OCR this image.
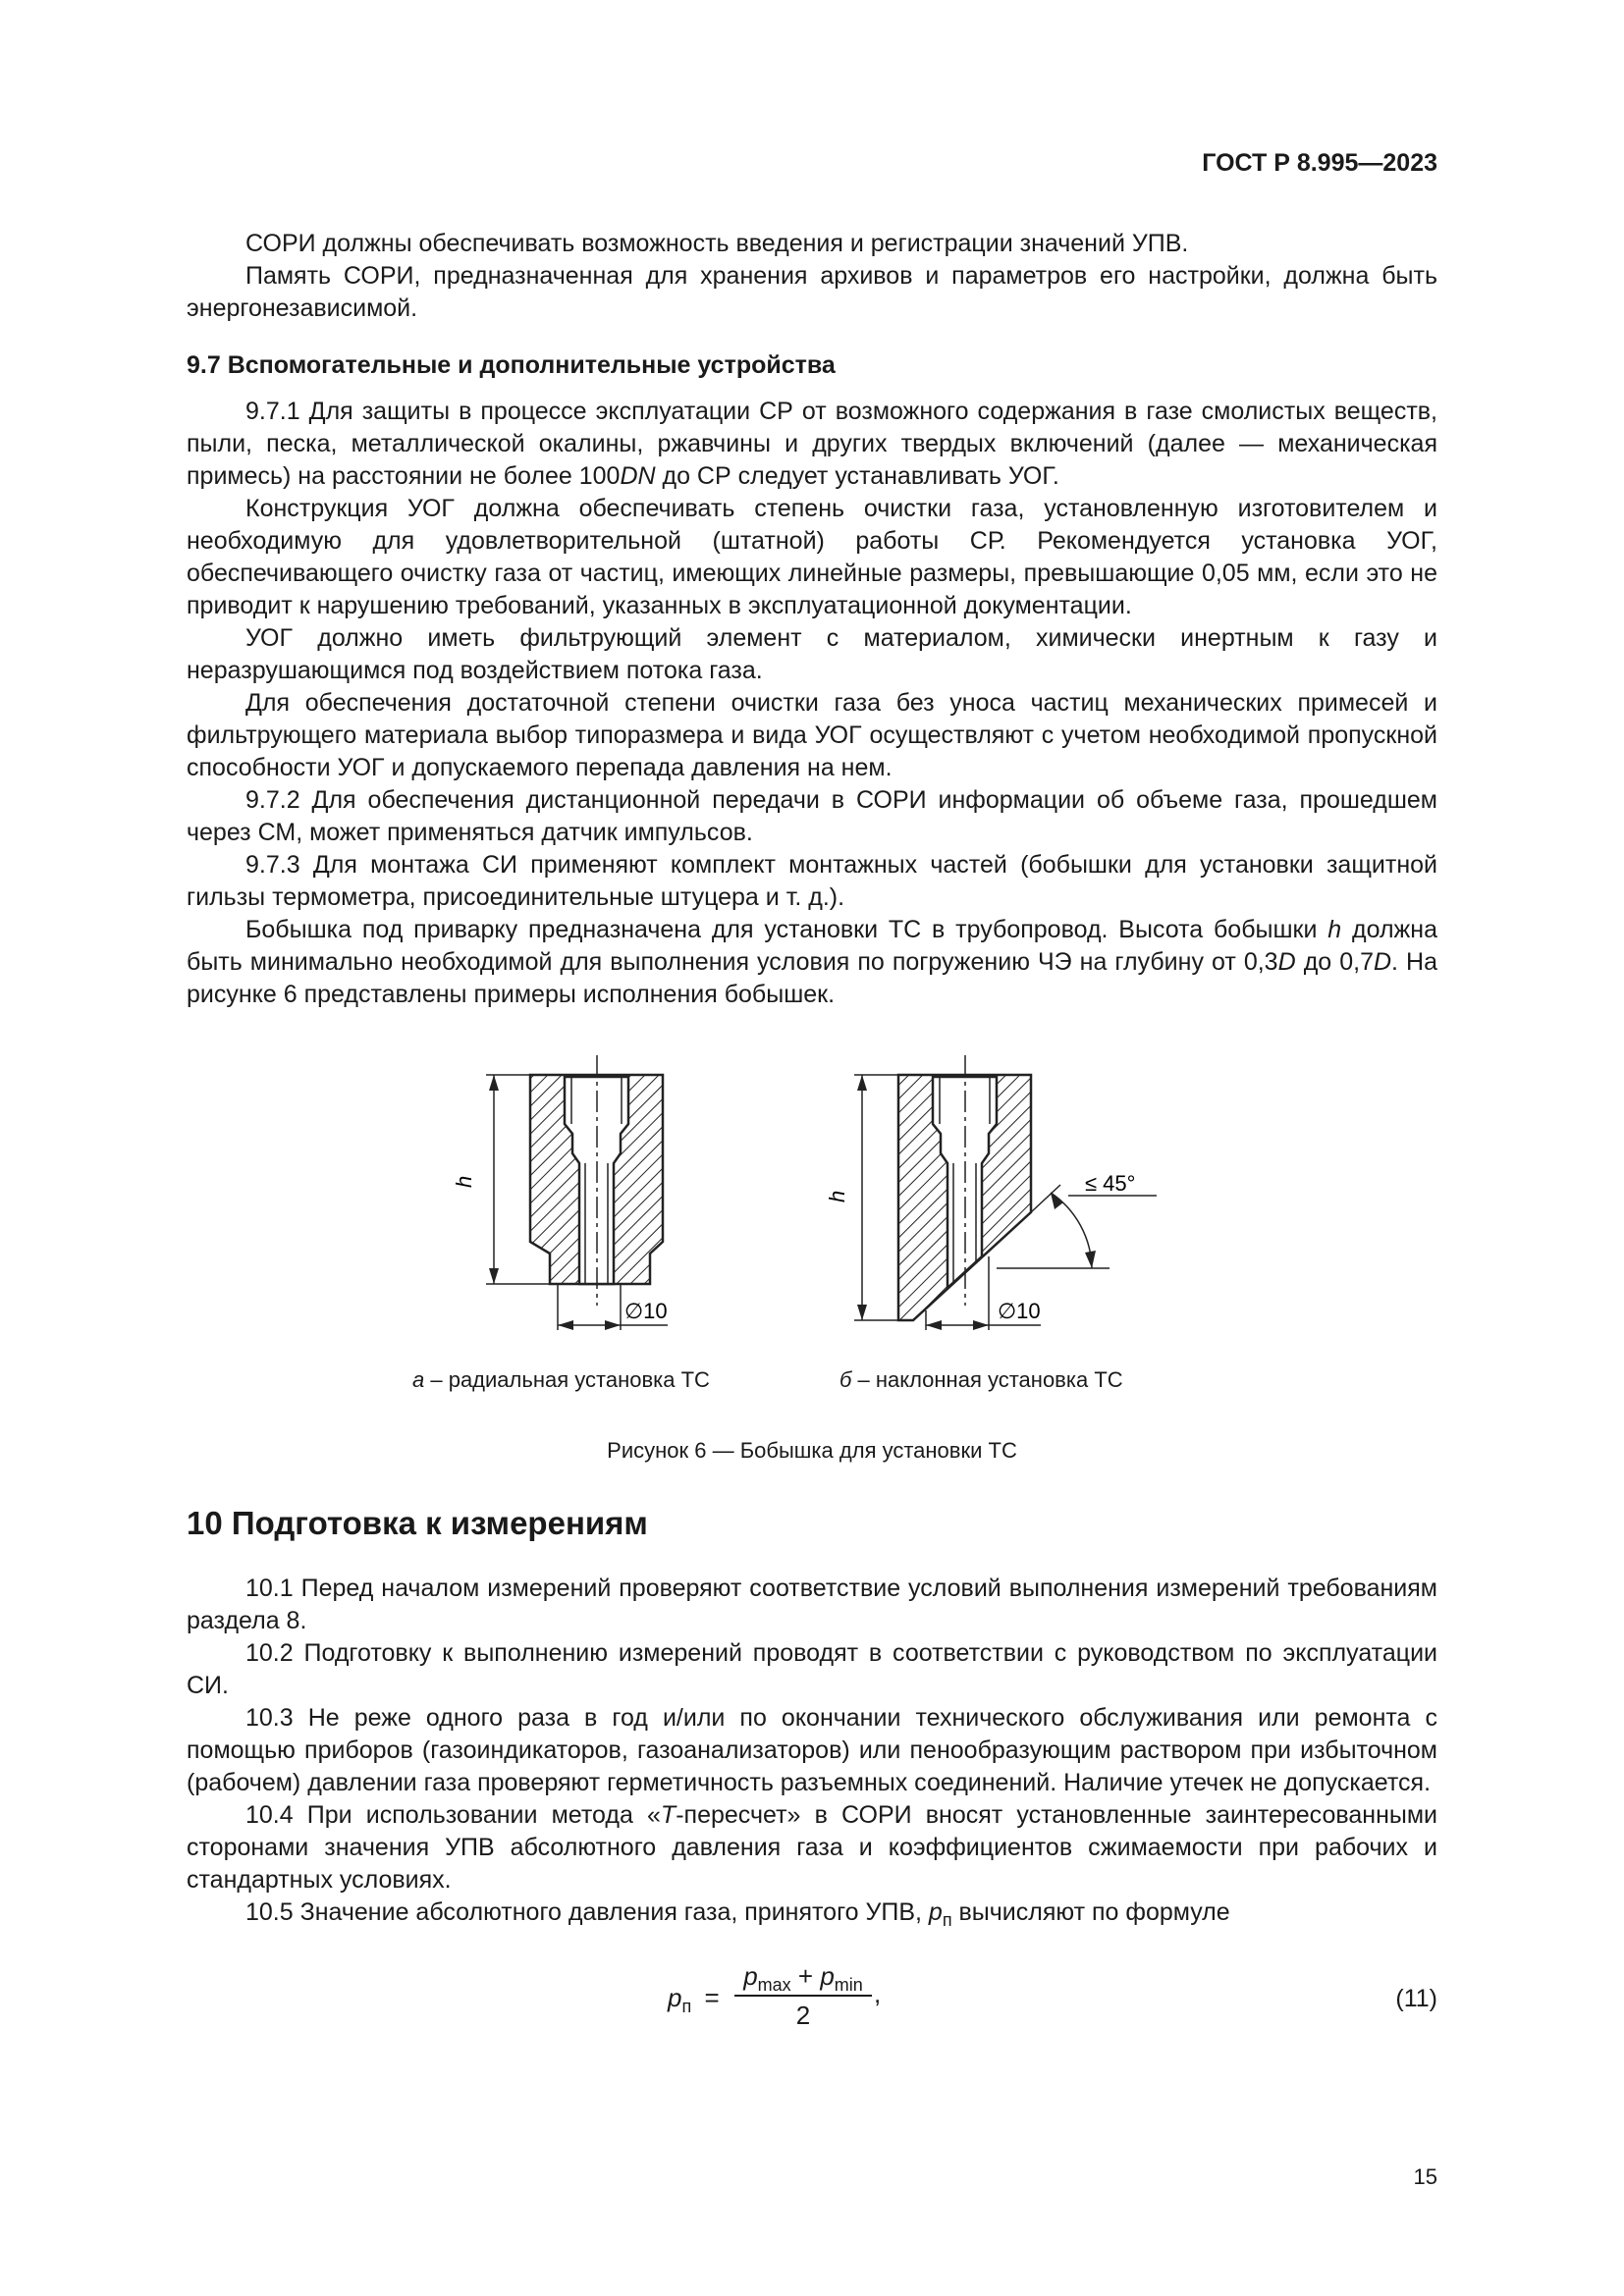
ГОСТ Р 8.995—2023

СОРИ должны обеспечивать возможность введения и регистрации значений УПВ.

Память СОРИ, предназначенная для хранения архивов и параметров его настройки, должна быть энергонезависимой.

9.7 Вспомогательные и дополнительные устройства

9.7.1 Для защиты в процессе эксплуатации СР от возможного содержания в газе смолистых веществ, пыли, песка, металлической окалины, ржавчины и других твердых включений (далее — механическая примесь) на расстоянии не более 100DN до СР следует устанавливать УОГ.

Конструкция УОГ должна обеспечивать степень очистки газа, установленную изготовителем и необходимую для удовлетворительной (штатной) работы СР. Рекомендуется установка УОГ, обеспечивающего очистку газа от частиц, имеющих линейные размеры, превышающие 0,05 мм, если это не приводит к нарушению требований, указанных в эксплуатационной документации.

УОГ должно иметь фильтрующий элемент с материалом, химически инертным к газу и неразрушающимся под воздействием потока газа.

Для обеспечения достаточной степени очистки газа без уноса частиц механических примесей и фильтрующего материала выбор типоразмера и вида УОГ осуществляют с учетом необходимой пропускной способности УОГ и допускаемого перепада давления на нем.

9.7.2 Для обеспечения дистанционной передачи в СОРИ информации об объеме газа, прошедшем через СМ, может применяться датчик импульсов.

9.7.3 Для монтажа СИ применяют комплект монтажных частей (бобышки для установки защитной гильзы термометра, присоединительные штуцера и т. д.).

Бобышка под приварку предназначена для установки ТС в трубопровод. Высота бобышки h должна быть минимально необходимой для выполнения условия по погружению ЧЭ на глубину от 0,3D до 0,7D. На рисунке 6 представлены примеры исполнения бобышек.

h
∅10
≤ 45°
h
∅10
а – радиальная установка ТС	б – наклонная установка ТС
Рисунок 6 — Бобышка для установки ТС
10 Подготовка к измерениям

10.1 Перед началом измерений проверяют соответствие условий выполнения измерений требованиям раздела 8.

10.2 Подготовку к выполнению измерений проводят в соответствии с руководством по эксплуатации СИ.

10.3 Не реже одного раза в год и/или по окончании технического обслуживания или ремонта с помощью приборов (газоиндикаторов, газоанализаторов) или пенообразующим раствором при избыточном (рабочем) давлении газа проверяют герметичность разъемных соединений. Наличие утечек не допускается.

10.4 При использовании метода «T-пересчет» в СОРИ вносят установленные заинтересованными сторонами значения УПВ абсолютного давления газа и коэффициентов сжимаемости при рабочих и стандартных условиях.

10.5 Значение абсолютного давления газа, принятого УПВ, $p_п$ вычисляют по формуле

$p_п$ =
$p_{max} + p_{min}$
2
,	(11)
15
